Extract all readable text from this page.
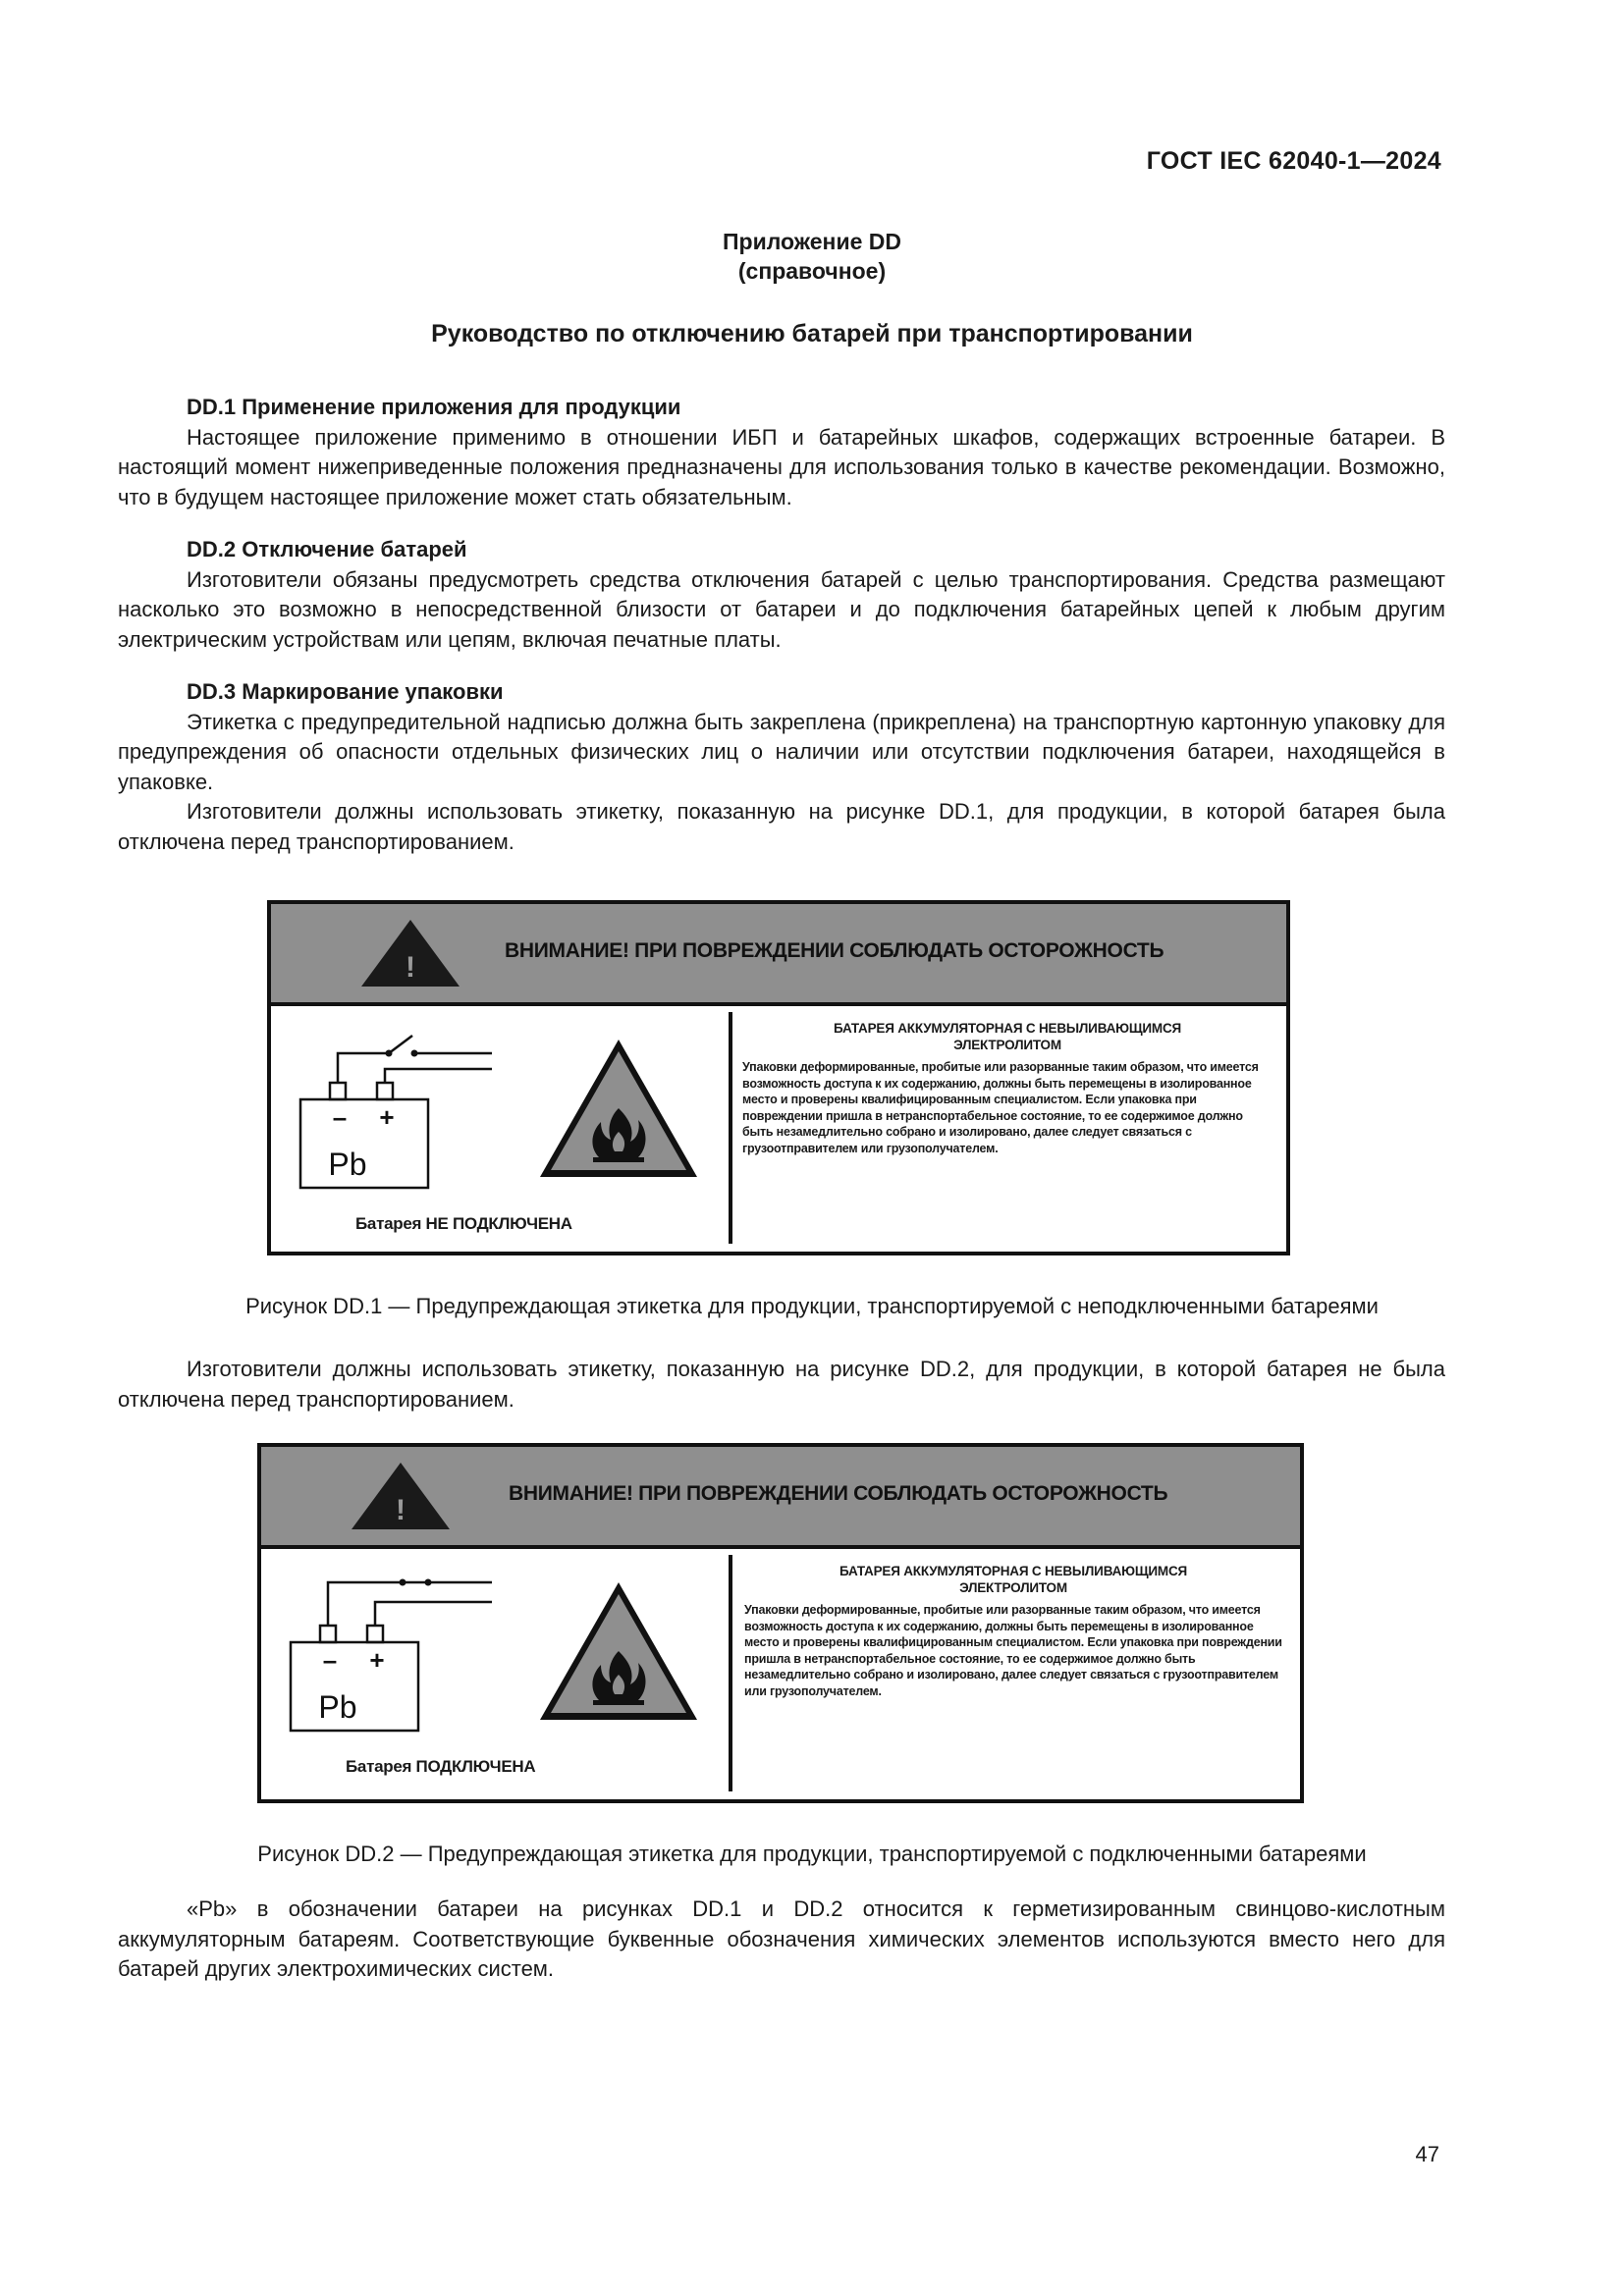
ГОСТ IEC 62040-1—2024
Приложение DD
(справочное)
Руководство по отключению батарей при транспортировании
DD.1 Применение приложения для продукции

Настоящее приложение применимо в отношении ИБП и батарейных шкафов, содержащих встроенные батареи. В настоящий момент нижеприведенные положения предназначены для использования только в качестве рекомендации. Возможно, что в будущем настоящее приложение может стать обязательным.

DD.2 Отключение батарей

Изготовители обязаны предусмотреть средства отключения батарей с целью транспортирования. Средства размещают насколько это возможно в непосредственной близости от батареи и до подключения батарейных цепей к любым другим электрическим устройствам или цепям, включая печатные платы.

DD.3 Маркирование упаковки

Этикетка с предупредительной надписью должна быть закреплена (прикреплена) на транспортную картонную упаковку для предупреждения об опасности отдельных физических лиц о наличии или отсутствии подключения батареи, находящейся в упаковке.

Изготовители должны использовать этикетку, показанную на рисунке DD.1, для продукции, в которой батарея была отключена перед транспортированием.

!
ВНИМАНИЕ! ПРИ ПОВРЕЖДЕНИИ СОБЛЮДАТЬ ОСТОРОЖНОСТЬ
– +
Pb
Батарея НЕ ПОДКЛЮЧЕНА
БАТАРЕЯ АККУМУЛЯТОРНАЯ С НЕВЫЛИВАЮЩИМСЯ
ЭЛЕКТРОЛИТОМ
Упаковки деформированные, пробитые или разорванные таким образом, что имеется возможность доступа к их содержанию, должны быть перемещены в изолированное место и проверены квалифицированным специалистом. Если упаковка при повреждении пришла в нетранспортабельное состояние, то ее содержимое должно быть незамедлительно собрано и изолировано, далее следует связаться с грузоотправителем или грузополучателем.
Рисунок DD.1 — Предупреждающая этикетка для продукции, транспортируемой с неподключенными батареями

Изготовители должны использовать этикетку, показанную на рисунке DD.2, для продукции, в которой батарея не была отключена перед транспортированием.

!
ВНИМАНИЕ! ПРИ ПОВРЕЖДЕНИИ СОБЛЮДАТЬ ОСТОРОЖНОСТЬ
– +
Pb
Батарея ПОДКЛЮЧЕНА
БАТАРЕЯ АККУМУЛЯТОРНАЯ С НЕВЫЛИВАЮЩИМСЯ
ЭЛЕКТРОЛИТОМ
Упаковки деформированные, пробитые или разорванные таким образом, что имеется возможность доступа к их содержанию, должны быть перемещены в изолированное место и проверены квалифицированным специалистом. Если упаковка при повреждении пришла в нетранспортабельное состояние, то ее содержимое должно быть незамедлительно собрано и изолировано, далее следует связаться с грузоотправителем или грузополучателем.
Рисунок DD.2 — Предупреждающая этикетка для продукции, транспортируемой с подключенными батареями

«Pb» в обозначении батареи на рисунках DD.1 и DD.2 относится к герметизированным свинцово-кислотным аккумуляторным батареям. Соответствующие буквенные обозначения химических элементов используются вместо него для батарей других электрохимических систем.

47
